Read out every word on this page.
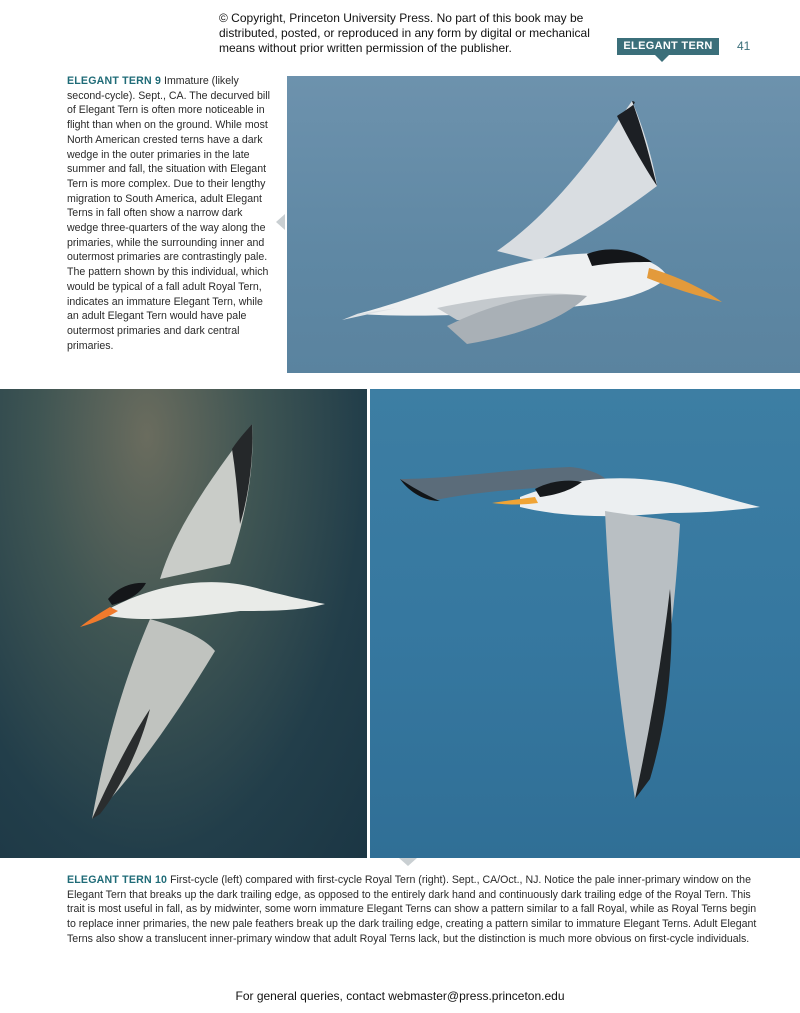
© Copyright, Princeton University Press. No part of this book may be distributed, posted, or reproduced in any form by digital or mechanical means without prior written permission of the publisher.	ELEGANT TERN	41
ELEGANT TERN 9 Immature (likely second-cycle). Sept., CA. The decurved bill of Elegant Tern is often more noticeable in flight than when on the ground. While most North American crested terns have a dark wedge in the outer primaries in the late summer and fall, the situation with Elegant Tern is more complex. Due to their lengthy migration to South America, adult Elegant Terns in fall often show a narrow dark wedge three-quarters of the way along the primaries, while the surrounding inner and outermost primaries are contrastingly pale. The pattern shown by this individual, which would be typical of a fall adult Royal Tern, indicates an immature Elegant Tern, while an adult Elegant Tern would have pale outermost primaries and dark central primaries.
ELEGANT TERN 10 First-cycle (left) compared with first-cycle Royal Tern (right). Sept., CA/Oct., NJ. Notice the pale inner-primary window on the Elegant Tern that breaks up the dark trailing edge, as opposed to the entirely dark hand and continuously dark trailing edge of the Royal Tern. This trait is most useful in fall, as by midwinter, some worn immature Elegant Terns can show a pattern similar to a fall Royal, while as Royal Terns begin to replace inner primaries, the new pale feathers break up the dark trailing edge, creating a pattern similar to immature Elegant Terns. Adult Elegant Terns also show a translucent inner-primary window that adult Royal Terns lack, but the distinction is much more obvious on first-cycle individuals.
For general queries, contact webmaster@press.princeton.edu
